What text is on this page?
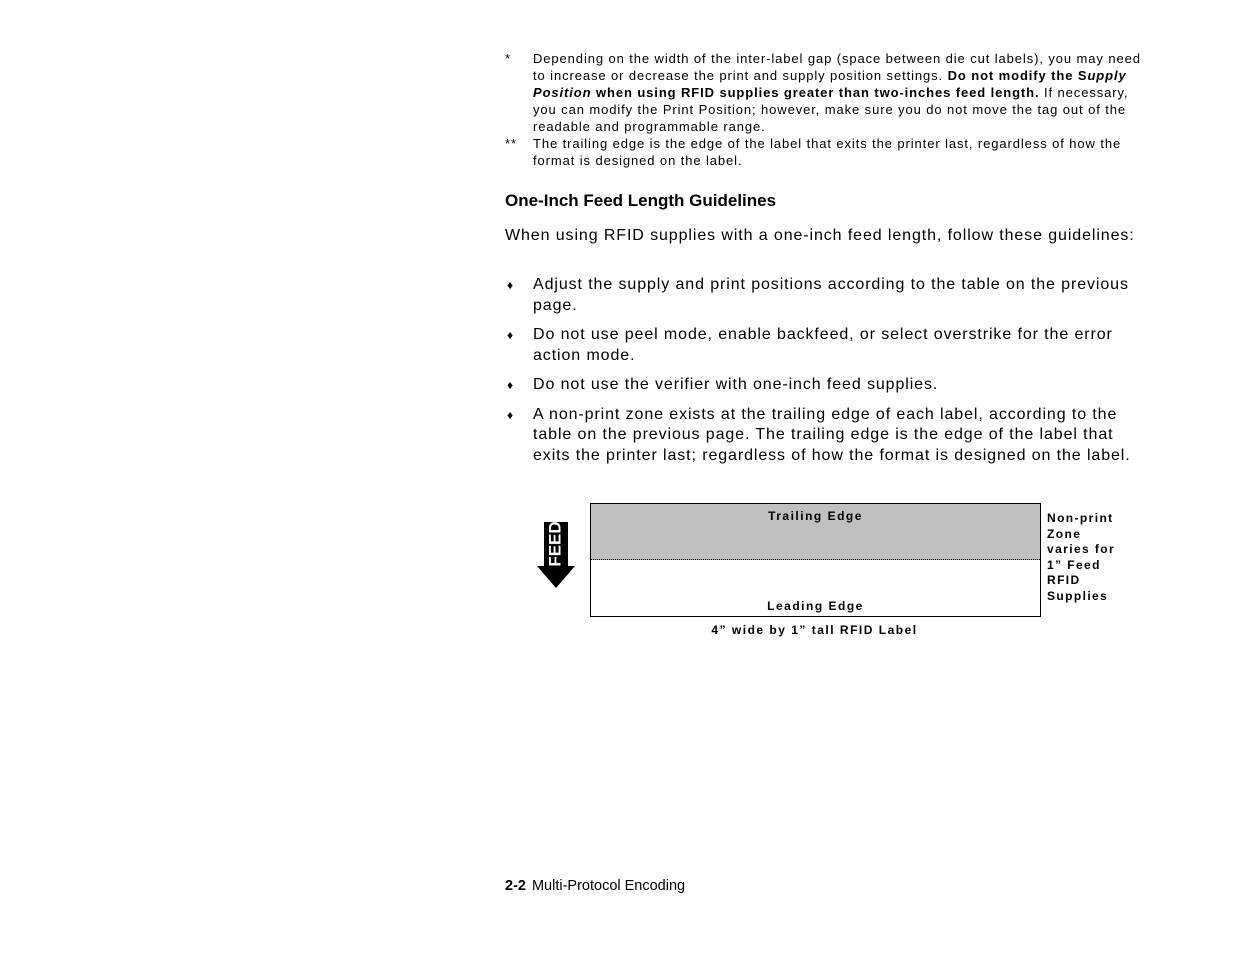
*	Depending on the width of the inter-label gap (space between die cut labels), you may need to increase or decrease the print and supply position settings. Do not modify the Supply Position when using RFID supplies greater than two-inches feed length. If necessary, you can modify the Print Position; however, make sure you do not move the tag out of the readable and programmable range.
**	The trailing edge is the edge of the label that exits the printer last, regardless of how the format is designed on the label.
One-Inch Feed Length Guidelines
When using RFID supplies with a one-inch feed length, follow these guidelines:
♦	Adjust the supply and print positions according to the table on the previous page.
♦	Do not use peel mode, enable backfeed, or select overstrike for the error action mode.
♦	Do not use the verifier with one-inch feed supplies.
♦	A non-print zone exists at the trailing edge of each label, according to the table on the previous page. The trailing edge is the edge of the label that exits the printer last; regardless of how the format is designed on the label.
FEED
Trailing Edge
Leading Edge
Non-print
Zone
varies for
1” Feed
RFID
Supplies
4” wide by 1” tall RFID Label
2-2 Multi-Protocol Encoding
